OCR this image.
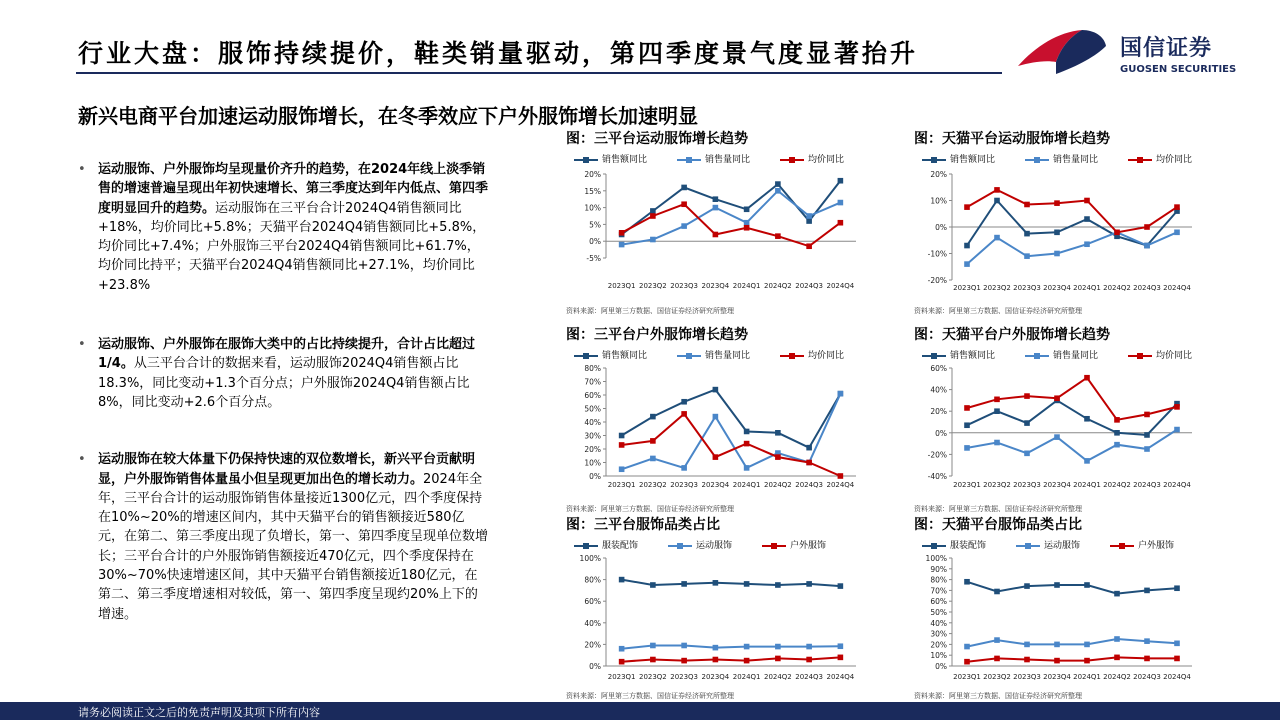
行业大盘：服饰持续提价，鞋类销量驱动，第四季度景气度显著抬升	国信证券
GUOSEN SECURITIES
新兴电商平台加速运动服饰增长，在冬季效应下户外服饰增长加速明显
• 运动服饰、户外服饰均呈现量价齐升的趋势，在2024年线上淡季销售的增速普遍呈现出年初快速增长、第三季度达到年内低点、第四季度明显回升的趋势。运动服饰在三平台合计2024Q4销售额同比+18%，均价同比+5.8%；天猫平台2024Q4销售额同比+5.8%，均价同比+7.4%；户外服饰三平台2024Q4销售额同比+61.7%，均价同比持平；天猫平台2024Q4销售额同比+27.1%，均价同比+23.8%
• 运动服饰、户外服饰在服饰大类中的占比持续提升，合计占比超过1/4。从三平台合计的数据来看，运动服饰2024Q4销售额占比18.3%，同比变动+1.3个百分点；户外服饰2024Q4销售额占比8%，同比变动+2.6个百分点。
• 运动服饰在较大体量下仍保持快速的双位数增长，新兴平台贡献明显，户外服饰销售体量虽小但呈现更加出色的增长动力。2024年全年，三平台合计的运动服饰销售体量接近1300亿元，四个季度保持在10%~20%的增速区间内，其中天猫平台的销售额接近580亿元，在第二、第三季度出现了负增长，第一、第四季度呈现单位数增长；三平台合计的户外服饰销售额接近470亿元，四个季度保持在30%~70%快速增速区间，其中天猫平台销售额接近180亿元，在第二、第三季度增速相对较低，第一、第四季度呈现约20%上下的增速。
图：三平台运动服饰增长趋势
销售额同比	销售量同比	均价同比
-5%
0%
5%
10%
15%
20%
2023Q1 2023Q2 2023Q3 2023Q4 2024Q1 2024Q2 2024Q3 2024Q4
资料来源：阿里第三方数据、国信证券经济研究所整理
图：天猫平台运动服饰增长趋势
销售额同比	销售量同比	均价同比
-20%
-10%
0%
10%
20%
2023Q1 2023Q2 2023Q3 2023Q4 2024Q1 2024Q2 2024Q3 2024Q4
资料来源：阿里第三方数据、国信证券经济研究所整理
图：三平台户外服饰增长趋势
销售额同比	销售量同比	均价同比
0%
10%
20%
30%
40%
50%
60%
70%
80%
2023Q1 2023Q2 2023Q3 2023Q4 2024Q1 2024Q2 2024Q3 2024Q4
资料来源：阿里第三方数据、国信证券经济研究所整理
图：天猫平台户外服饰增长趋势
销售额同比	销售量同比	均价同比
-40%
-20%
0%
20%
40%
60%
2023Q1 2023Q2 2023Q3 2023Q4 2024Q1 2024Q2 2024Q3 2024Q4
资料来源：阿里第三方数据、国信证券经济研究所整理
图：三平台服饰品类占比
服装配饰	运动服饰	户外服饰
0%
20%
40%
60%
80%
100%
2023Q1 2023Q2 2023Q3 2023Q4 2024Q1 2024Q2 2024Q3 2024Q4
资料来源：阿里第三方数据、国信证券经济研究所整理
图：天猫平台服饰品类占比
服装配饰	运动服饰	户外服饰
0%
10%
20%
30%
40%
50%
60%
70%
80%
90%
100%
2023Q1 2023Q2 2023Q3 2023Q4 2024Q1 2024Q2 2024Q3 2024Q4
资料来源：阿里第三方数据、国信证券经济研究所整理
请务必阅读正文之后的免责声明及其项下所有内容
